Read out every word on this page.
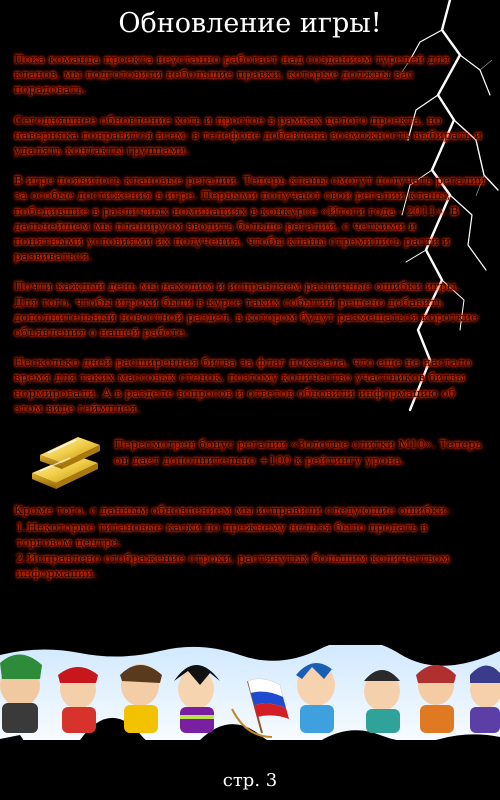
Обновление игры!

Пока команда проекта неустанно работает над созданием турелей для кланов, мы подготовили небольшие правки, которые должны вас порадовать.

Сегодняшнее обновление хоть и простое в рамках целого проекта, но наверняка понравится всем: в телефоне добавлена возможность выбирать и удалять контакты группами.

В игре появилось клановые регалии. Теперь кланы смогут получать регалии за особые достижения в игре. Первыми получают свои регалии кланы, победившие в различных номинациях в конкурсе «Итоги года - 2011». В дальнейшем мы планируем вводить больше регалий, с четкими и понятными условиями их получения, чтобы кланы стремились расти и развиваться.

Почти каждый день мы находим и исправляем различные ошибки игры. Для того, чтобы игроки были в курсе таких событий решено добавить дополнительный новостной раздел, в котором будут размещаться короткие объявления о нашей работе.

Несколько дней расширенная битва за флаг показала, что еще не настало время для таких массовых стенок, поэтому количество участников битвы нормировали. А в разделе вопросов и ответов обновили информацию об этом виде геймплея.

Пересмотрен бонус регалии «Золотые слитки М10». Теперь он дает дополнительно +100 к рейтингу урона.

Кроме того, с данным обновлением мы исправили следующие ошибки:

1.Некоторые титановые каски по прежнему нельзя было продать в торговом центре.
2.Исправлено отображение строки, растянутых большим количеством информации.
стр. 3
